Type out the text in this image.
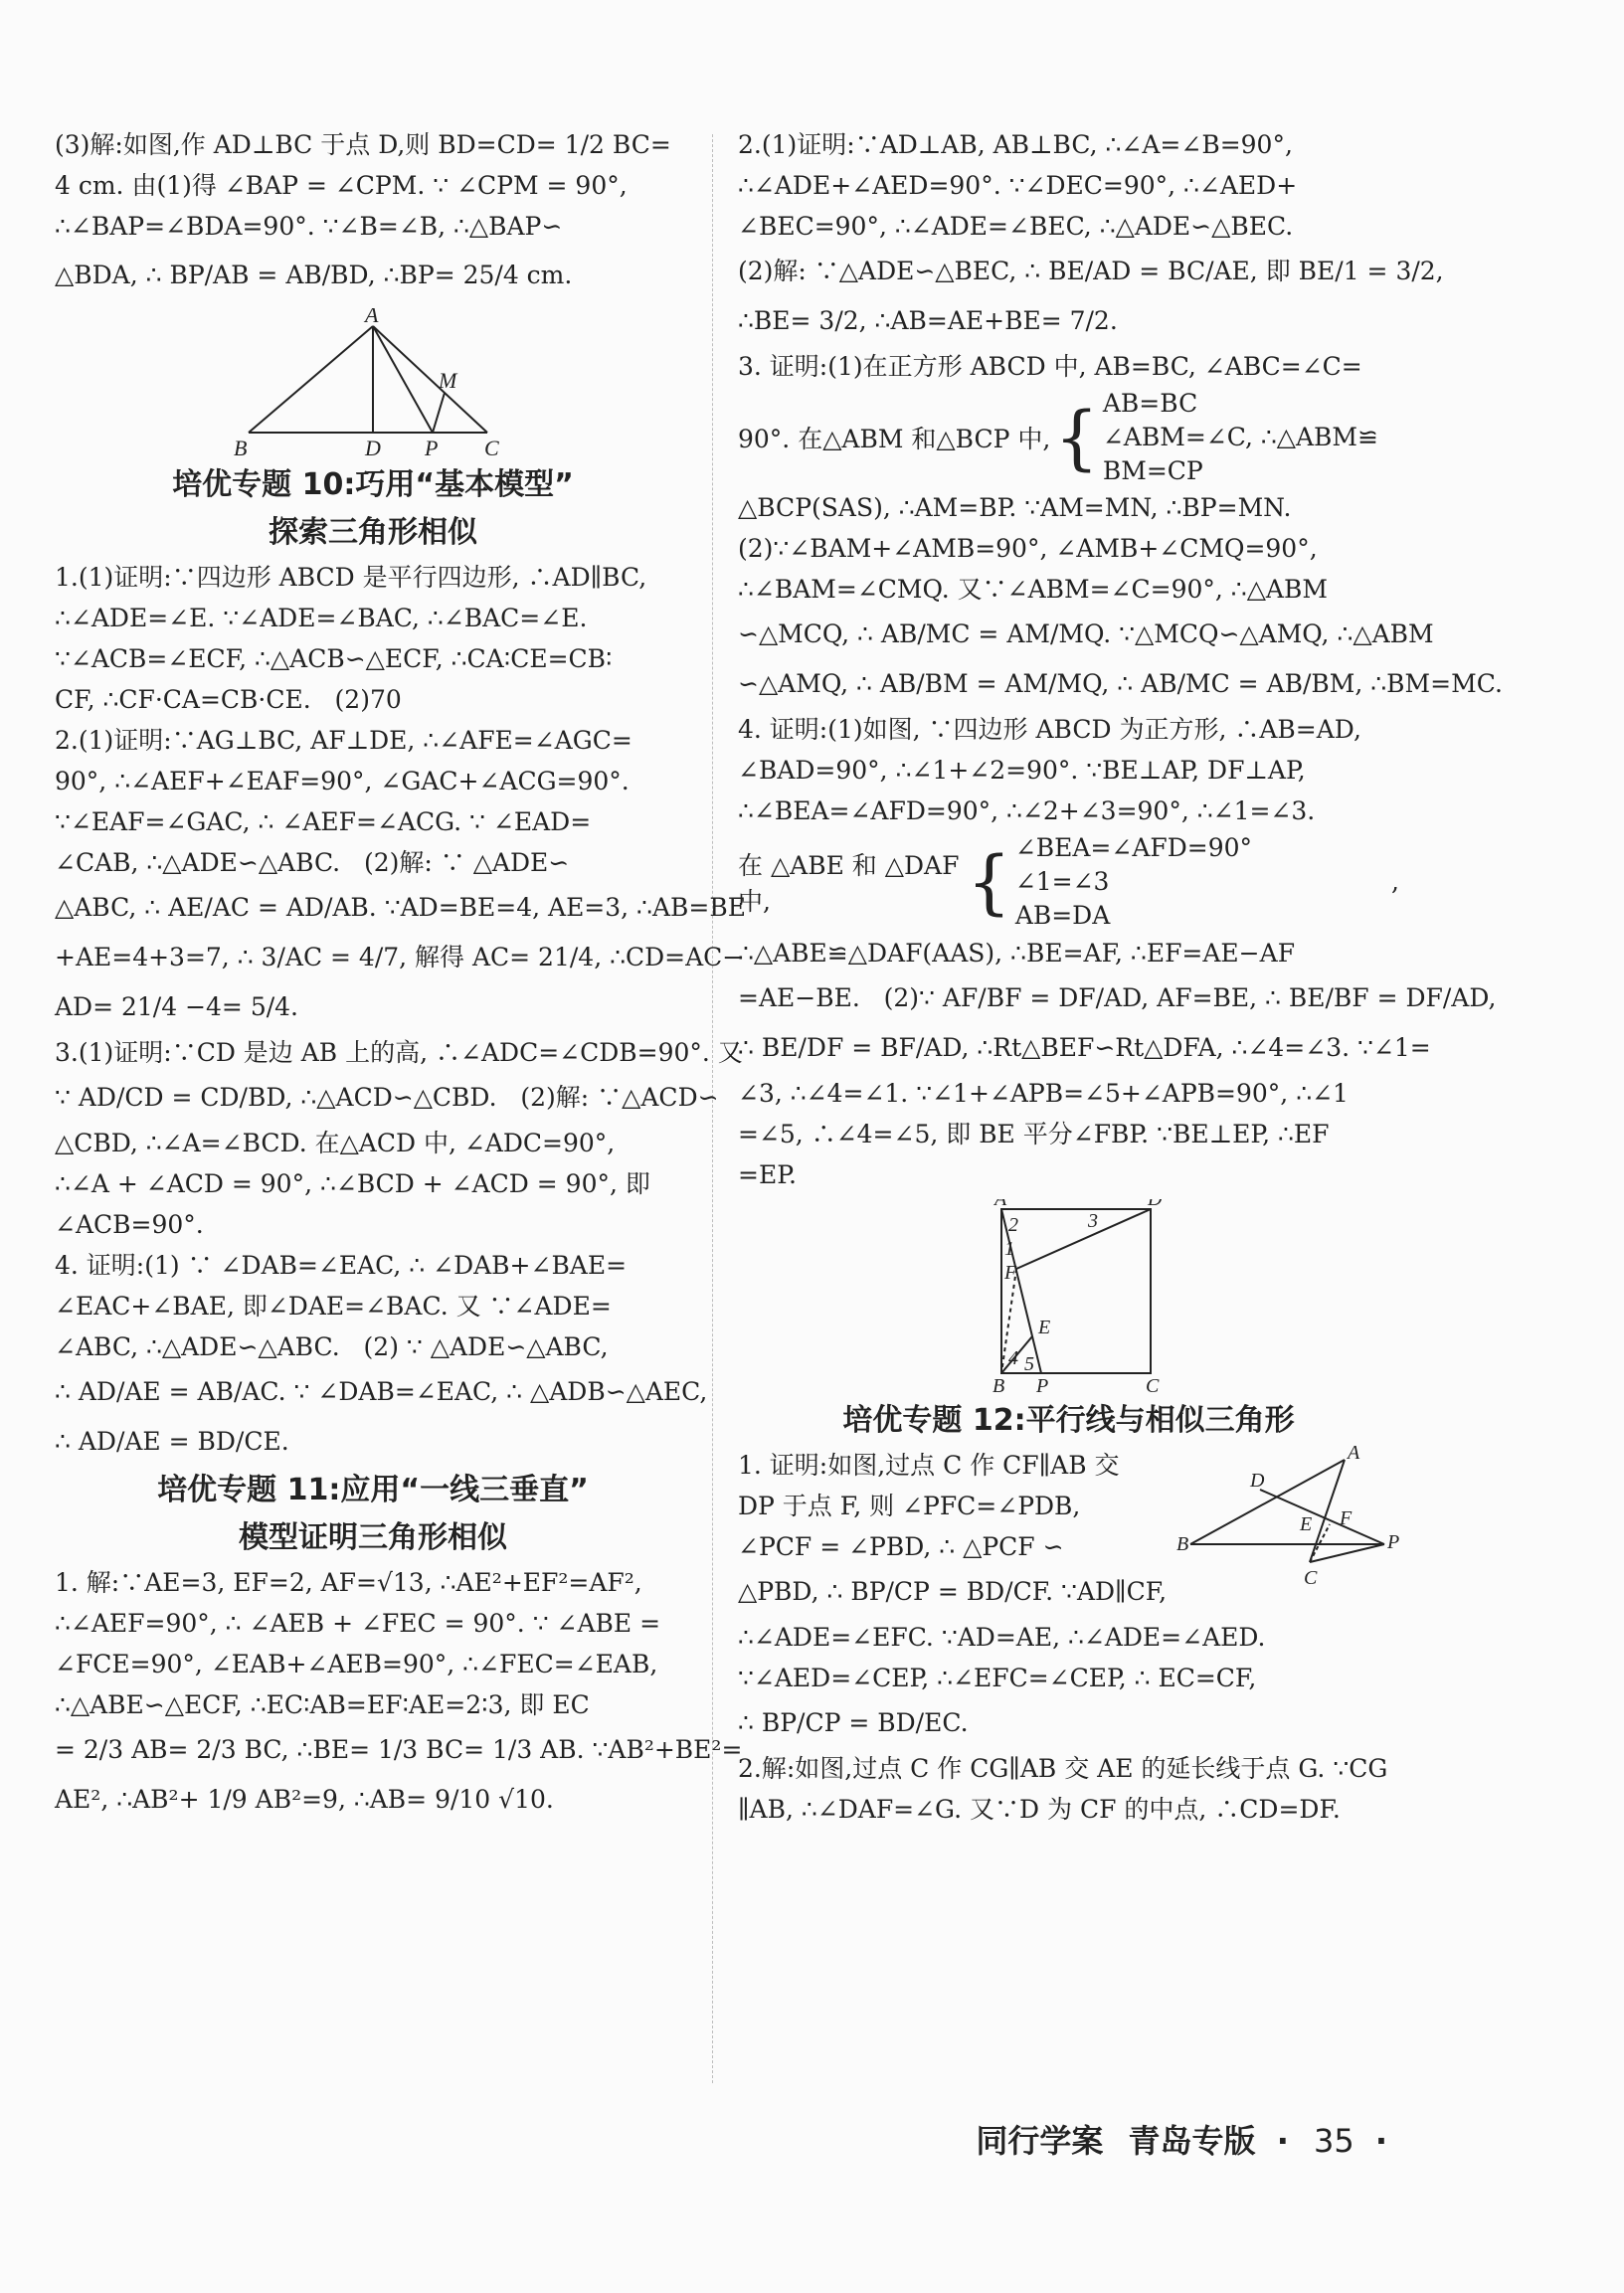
(3)解:如图,作 AD⊥BC 于点 D,则 BD=CD= 1/2 BC=

4 cm. 由(1)得 ∠BAP = ∠CPM. ∵ ∠CPM = 90°,

∴∠BAP=∠BDA=90°. ∵∠B=∠B, ∴△BAP∽

△BDA, ∴ BP/AB = AB/BD, ∴BP= 25/4 cm.

A
M
B	D P C

培优专题 10:巧用“基本模型”

探索三角形相似

1.(1)证明:∵四边形 ABCD 是平行四边形, ∴AD∥BC,

∴∠ADE=∠E. ∵∠ADE=∠BAC, ∴∠BAC=∠E.

∵∠ACB=∠ECF, ∴△ACB∽△ECF, ∴CA∶CE=CB∶

CF, ∴CF·CA=CB·CE.   (2)70

2.(1)证明:∵AG⊥BC, AF⊥DE, ∴∠AFE=∠AGC=

90°, ∴∠AEF+∠EAF=90°, ∠GAC+∠ACG=90°.

∵∠EAF=∠GAC, ∴ ∠AEF=∠ACG. ∵ ∠EAD=

∠CAB, ∴△ADE∽△ABC.   (2)解: ∵ △ADE∽

△ABC, ∴ AE/AC = AD/AB. ∵AD=BE=4, AE=3, ∴AB=BE

+AE=4+3=7, ∴ 3/AC = 4/7, 解得 AC= 21/4, ∴CD=AC−

AD= 21/4 −4= 5/4.

3.(1)证明:∵CD 是边 AB 上的高, ∴∠ADC=∠CDB=90°. 又

∵ AD/CD = CD/BD, ∴△ACD∽△CBD.   (2)解: ∵△ACD∽

△CBD, ∴∠A=∠BCD. 在△ACD 中, ∠ADC=90°,

∴∠A + ∠ACD = 90°, ∴∠BCD + ∠ACD = 90°, 即

∠ACB=90°.

4. 证明:(1) ∵ ∠DAB=∠EAC, ∴ ∠DAB+∠BAE=

∠EAC+∠BAE, 即∠DAE=∠BAC. 又 ∵∠ADE=

∠ABC, ∴△ADE∽△ABC.   (2) ∵ △ADE∽△ABC,

∴ AD/AE = AB/AC. ∵ ∠DAB=∠EAC, ∴ △ADB∽△AEC,

∴ AD/AE = BD/CE.

培优专题 11:应用“一线三垂直”

模型证明三角形相似

1. 解:∵AE=3, EF=2, AF=√13, ∴AE²+EF²=AF²,

∴∠AEF=90°, ∴ ∠AEB + ∠FEC = 90°. ∵ ∠ABE =

∠FCE=90°, ∠EAB+∠AEB=90°, ∴∠FEC=∠EAB,

∴△ABE∽△ECF, ∴EC∶AB=EF∶AE=2∶3, 即 EC

= 2/3 AB= 2/3 BC, ∴BE= 1/3 BC= 1/3 AB. ∵AB²+BE²=

AE², ∴AB²+ 1/9 AB²=9, ∴AB= 9/10 √10.

2.(1)证明:∵AD⊥AB, AB⊥BC, ∴∠A=∠B=90°,

∴∠ADE+∠AED=90°. ∵∠DEC=90°, ∴∠AED+

∠BEC=90°, ∴∠ADE=∠BEC, ∴△ADE∽△BEC.

(2)解: ∵△ADE∽△BEC, ∴ BE/AD = BC/AE, 即 BE/1 = 3/2,

∴BE= 3/2, ∴AB=AE+BE= 7/2.

3. 证明:(1)在正方形 ABCD 中, AB=BC, ∠ABC=∠C=

90°. 在△ABM 和△BCP 中, { AB=BC
∠ABM=∠C, ∴△ABM≌
BM=CP

△BCP(SAS), ∴AM=BP. ∵AM=MN, ∴BP=MN.

(2)∵∠BAM+∠AMB=90°, ∠AMB+∠CMQ=90°,

∴∠BAM=∠CMQ. 又∵∠ABM=∠C=90°, ∴△ABM

∽△MCQ, ∴ AB/MC = AM/MQ. ∵△MCQ∽△AMQ, ∴△ABM

∽△AMQ, ∴ AB/BM = AM/MQ, ∴ AB/MC = AB/BM, ∴BM=MC.

4. 证明:(1)如图, ∵四边形 ABCD 为正方形, ∴AB=AD,

∠BAD=90°, ∴∠1+∠2=90°. ∵BE⊥AP, DF⊥AP,

∴∠BEA=∠AFD=90°, ∴∠2+∠3=90°, ∴∠1=∠3.

在 △ABE 和 △DAF 中,	{ ∠BEA=∠AFD=90°
∠1=∠3
AB=DA
,

∴△ABE≌△DAF(AAS), ∴BE=AF, ∴EF=AE−AF

=AE−BE.   (2)∵ AF/BF = DF/AD, AF=BE, ∴ BE/BF = DF/AD,

∴ BE/DF = BF/AD, ∴Rt△BEF∽Rt△DFA, ∴∠4=∠3. ∵∠1=

∠3, ∴∠4=∠1. ∵∠1+∠APB=∠5+∠APB=90°, ∴∠1

=∠5, ∴∠4=∠5, 即 BE 平分∠FBP. ∵BE⊥EP, ∴EF

=EP.

A	D
2	3
1
F
E
4 5
B P	C

培优专题 12:平行线与相似三角形

1. 证明:如图,过点 C 作 CF∥AB 交

DP 于点 F, 则 ∠PFC=∠PDB,

∠PCF = ∠PBD, ∴ △PCF ∽

△PBD, ∴ BP/CP = BD/CF. ∵AD∥CF,

D
A
E F
B	P
C

∴∠ADE=∠EFC. ∵AD=AE, ∴∠ADE=∠AED.

∵∠AED=∠CEP, ∴∠EFC=∠CEP, ∴ EC=CF,

∴ BP/CP = BD/EC.

2.解:如图,过点 C 作 CG∥AB 交 AE 的延长线于点 G. ∵CG

∥AB, ∴∠DAF=∠G. 又∵D 为 CF 的中点, ∴CD=DF.

同行学案 青岛专版 · 35 ·
